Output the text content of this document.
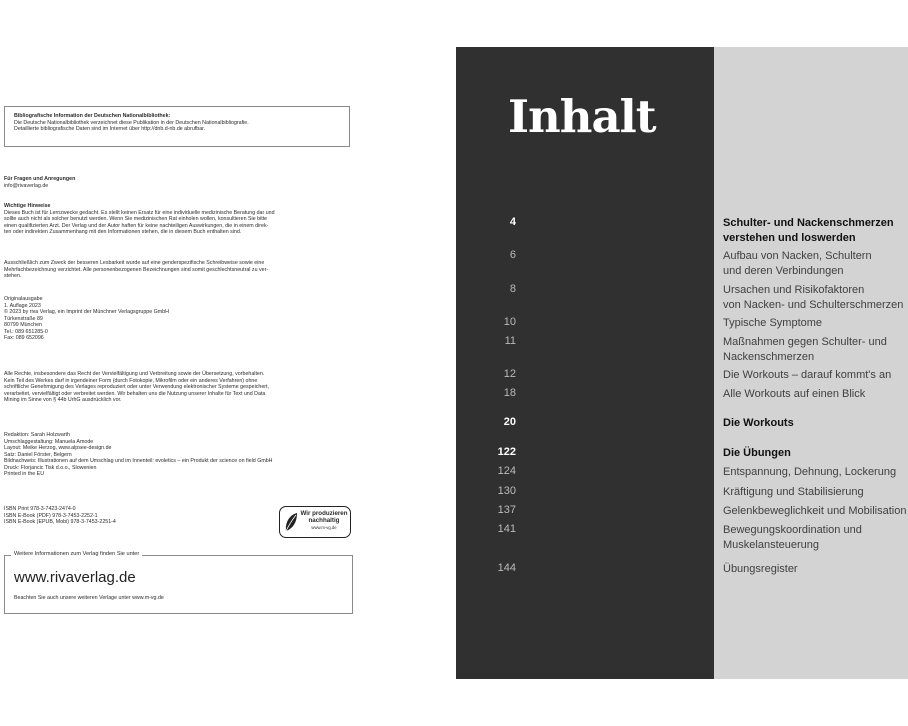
Bibliografische Information der Deutschen Nationalbibliothek:
Die Deutsche Nationalbibliothek verzeichnet diese Publikation in der Deutschen Nationalbibliografie.
Detaillierte bibliografische Daten sind im Internet über http://dnb.d-nb.de abrufbar.
Für Fragen und Anregungen
info@rivaverlag.de
Wichtige Hinweise
Dieses Buch ist für Lernzwecke gedacht. Es stellt keinen Ersatz für eine individuelle medizinische Beratung dar und
sollte auch nicht als solcher benutzt werden. Wenn Sie medizinischen Rat einholen wollen, konsultieren Sie bitte
einen qualifizierten Arzt. Der Verlag und der Autor haften für keine nachteiligen Auswirkungen, die in einem direk-
ten oder indirekten Zusammenhang mit den Informationen stehen, die in diesem Buch enthalten sind.
Ausschließlich zum Zweck der besseren Lesbarkeit wurde auf eine genderspezifische Schreibweise sowie eine
Mehrfachbezeichnung verzichtet. Alle personenbezogenen Bezeichnungen sind somit geschlechtsneutral zu ver-
stehen.
Originalausgabe
1. Auflage 2023
© 2023 by riva Verlag, ein Imprint der Münchner Verlagsgruppe GmbH
Türkenstraße 89
80799 München
Tel.: 089 651285-0
Fax: 089 652096
Alle Rechte, insbesondere das Recht der Vervielfältigung und Verbreitung sowie der Übersetzung, vorbehalten.
Kein Teil des Werkes darf in irgendeiner Form (durch Fotokopie, Mikrofilm oder ein anderes Verfahren) ohne
schriftliche Genehmigung des Verlages reproduziert oder unter Verwendung elektronischer Systeme gespeichert,
verarbeitet, vervielfältigt oder verbreitet werden. Wir behalten uns die Nutzung unserer Inhalte für Text und Data
Mining im Sinne von § 44b UrhG ausdrücklich vor.
Redaktion: Sarah Holzwarth
Umschlaggestaltung: Manuela Amode
Layout: Meike Herzog, www.alpsee-design.de
Satz: Daniel Förster, Belgern
Bildnachweis: Illustrationen auf dem Umschlag und im Innenteil: evoletics – ein Produkt der science on field GmbH
Druck: Florjancic Tisk d.o.o., Slowenien
Printed in the EU
ISBN Print 978-3-7423-2474-0
ISBN E-Book (PDF) 978-3-7453-2252-1
ISBN E-Book (EPUB, Mobi) 978-3-7453-2251-4
Wir produzieren
nachhaltig
www.m-vg.de
Weitere Informationen zum Verlag finden Sie unter
www.rivaverlag.de
Beachten Sie auch unsere weiteren Verlage unter www.m-vg.de
Inhalt
4	Schulter- und Nackenschmerzen
verstehen und loswerden
6	Aufbau von Nacken, Schultern
und deren Verbindungen
8	Ursachen und Risikofaktoren
von Nacken- und Schulterschmerzen
10	Typische Symptome
11	Maßnahmen gegen Schulter- und
Nackenschmerzen
12	Die Workouts – darauf kommt's an
18	Alle Workouts auf einen Blick
20	Die Workouts
122	Die Übungen
124	Entspannung, Dehnung, Lockerung
130	Kräftigung und Stabilisierung
137	Gelenkbeweglichkeit und Mobilisation
141	Bewegungskoordination und
Muskelansteuerung
144	Übungsregister
